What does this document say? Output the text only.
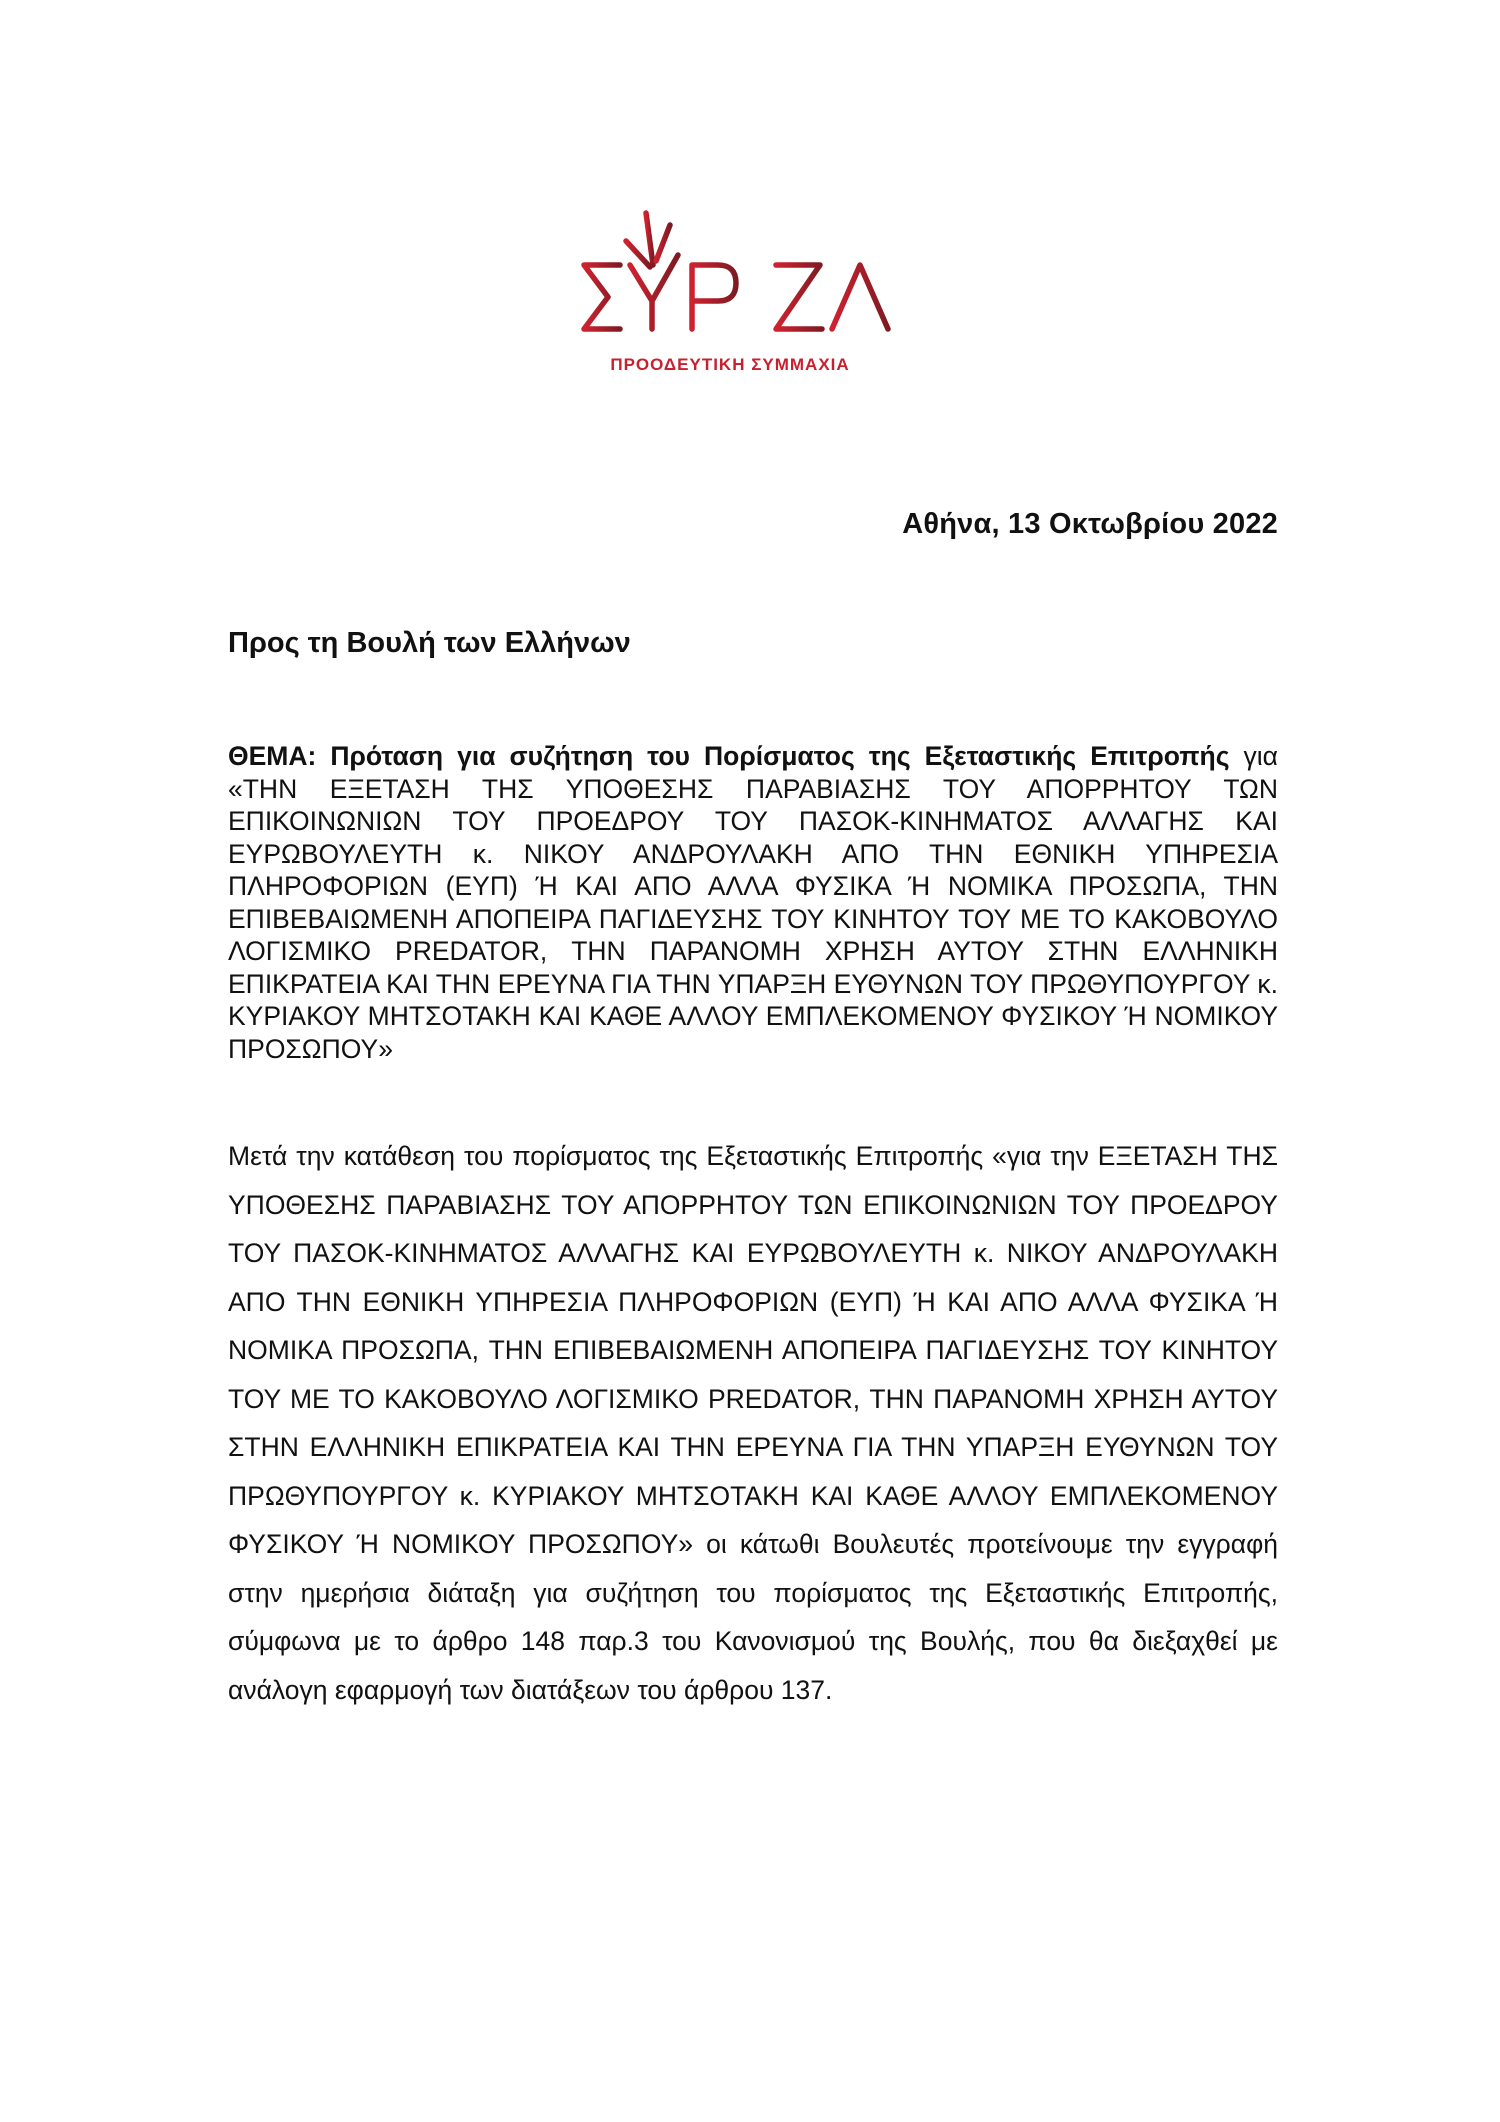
ΠΡΟΟΔΕΥΤΙΚΗ ΣΥΜΜΑΧΙΑ
Αθήνα, 13 Οκτωβρίου 2022
Προς τη Βουλή των Ελλήνων
ΘΕΜΑ: Πρόταση για συζήτηση του Πορίσματος της Εξεταστικής Επιτροπής για «ΤΗΝ ΕΞΕΤΑΣΗ ΤΗΣ ΥΠΟΘΕΣΗΣ ΠΑΡΑΒΙΑΣΗΣ ΤΟΥ ΑΠΟΡΡΗΤΟΥ ΤΩΝ ΕΠΙΚΟΙΝΩΝΙΩΝ ΤΟΥ ΠΡΟΕΔΡΟΥ ΤΟΥ ΠΑΣΟΚ-ΚΙΝΗΜΑΤΟΣ ΑΛΛΑΓΗΣ ΚΑΙ ΕΥΡΩΒΟΥΛΕΥΤΗ κ. ΝΙΚΟΥ ΑΝΔΡΟΥΛΑΚΗ ΑΠΟ ΤΗΝ ΕΘΝΙΚΗ ΥΠΗΡΕΣΙΑ ΠΛΗΡΟΦΟΡΙΩΝ (ΕΥΠ) Ή ΚΑΙ ΑΠΟ ΑΛΛΑ ΦΥΣΙΚΑ Ή ΝΟΜΙΚΑ ΠΡΟΣΩΠΑ, ΤΗΝ ΕΠΙΒΕΒΑΙΩΜΕΝΗ ΑΠΟΠΕΙΡΑ ΠΑΓΙΔΕΥΣΗΣ ΤΟΥ ΚΙΝΗΤΟΥ ΤΟΥ ΜΕ ΤΟ ΚΑΚΟΒΟΥΛΟ ΛΟΓΙΣΜΙΚΟ PREDATOR, ΤΗΝ ΠΑΡΑΝΟΜΗ ΧΡΗΣΗ ΑΥΤΟΥ ΣΤΗΝ ΕΛΛΗΝΙΚΗ ΕΠΙΚΡΑΤΕΙΑ ΚΑΙ ΤΗΝ ΕΡΕΥΝΑ ΓΙΑ ΤΗΝ ΥΠΑΡΞΗ ΕΥΘΥΝΩΝ ΤΟΥ ΠΡΩΘΥΠΟΥΡΓΟΥ κ. ΚΥΡΙΑΚΟΥ ΜΗΤΣΟΤΑΚΗ ΚΑΙ ΚΑΘΕ ΑΛΛΟΥ ΕΜΠΛΕΚΟΜΕΝΟΥ ΦΥΣΙΚΟΥ Ή ΝΟΜΙΚΟΥ ΠΡΟΣΩΠΟΥ»
Μετά την κατάθεση του πορίσματος της Εξεταστικής Επιτροπής «για την ΕΞΕΤΑΣΗ ΤΗΣ ΥΠΟΘΕΣΗΣ ΠΑΡΑΒΙΑΣΗΣ ΤΟΥ ΑΠΟΡΡΗΤΟΥ ΤΩΝ ΕΠΙΚΟΙΝΩΝΙΩΝ ΤΟΥ ΠΡΟΕΔΡΟΥ ΤΟΥ ΠΑΣΟΚ-ΚΙΝΗΜΑΤΟΣ ΑΛΛΑΓΗΣ ΚΑΙ ΕΥΡΩΒΟΥΛΕΥΤΗ κ. ΝΙΚΟΥ ΑΝΔΡΟΥΛΑΚΗ ΑΠΟ ΤΗΝ ΕΘΝΙΚΗ ΥΠΗΡΕΣΙΑ ΠΛΗΡΟΦΟΡΙΩΝ (ΕΥΠ) Ή ΚΑΙ ΑΠΟ ΑΛΛΑ ΦΥΣΙΚΑ Ή ΝΟΜΙΚΑ ΠΡΟΣΩΠΑ, ΤΗΝ ΕΠΙΒΕΒΑΙΩΜΕΝΗ ΑΠΟΠΕΙΡΑ ΠΑΓΙΔΕΥΣΗΣ ΤΟΥ ΚΙΝΗΤΟΥ ΤΟΥ ΜΕ ΤΟ ΚΑΚΟΒΟΥΛΟ ΛΟΓΙΣΜΙΚΟ PREDATOR, ΤΗΝ ΠΑΡΑΝΟΜΗ ΧΡΗΣΗ ΑΥΤΟΥ ΣΤΗΝ ΕΛΛΗΝΙΚΗ ΕΠΙΚΡΑΤΕΙΑ ΚΑΙ ΤΗΝ ΕΡΕΥΝΑ ΓΙΑ ΤΗΝ ΥΠΑΡΞΗ ΕΥΘΥΝΩΝ ΤΟΥ ΠΡΩΘΥΠΟΥΡΓΟΥ κ. ΚΥΡΙΑΚΟΥ ΜΗΤΣΟΤΑΚΗ ΚΑΙ ΚΑΘΕ ΑΛΛΟΥ ΕΜΠΛΕΚΟΜΕΝΟΥ ΦΥΣΙΚΟΥ Ή ΝΟΜΙΚΟΥ ΠΡΟΣΩΠΟΥ» οι κάτωθι Βουλευτές προτείνουμε την εγγραφή στην ημερήσια διάταξη για συζήτηση του πορίσματος της Εξεταστικής Επιτροπής, σύμφωνα με το άρθρο 148 παρ.3 του Κανονισμού της Βουλής, που θα διεξαχθεί με ανάλογη εφαρμογή των διατάξεων του άρθρου 137.
